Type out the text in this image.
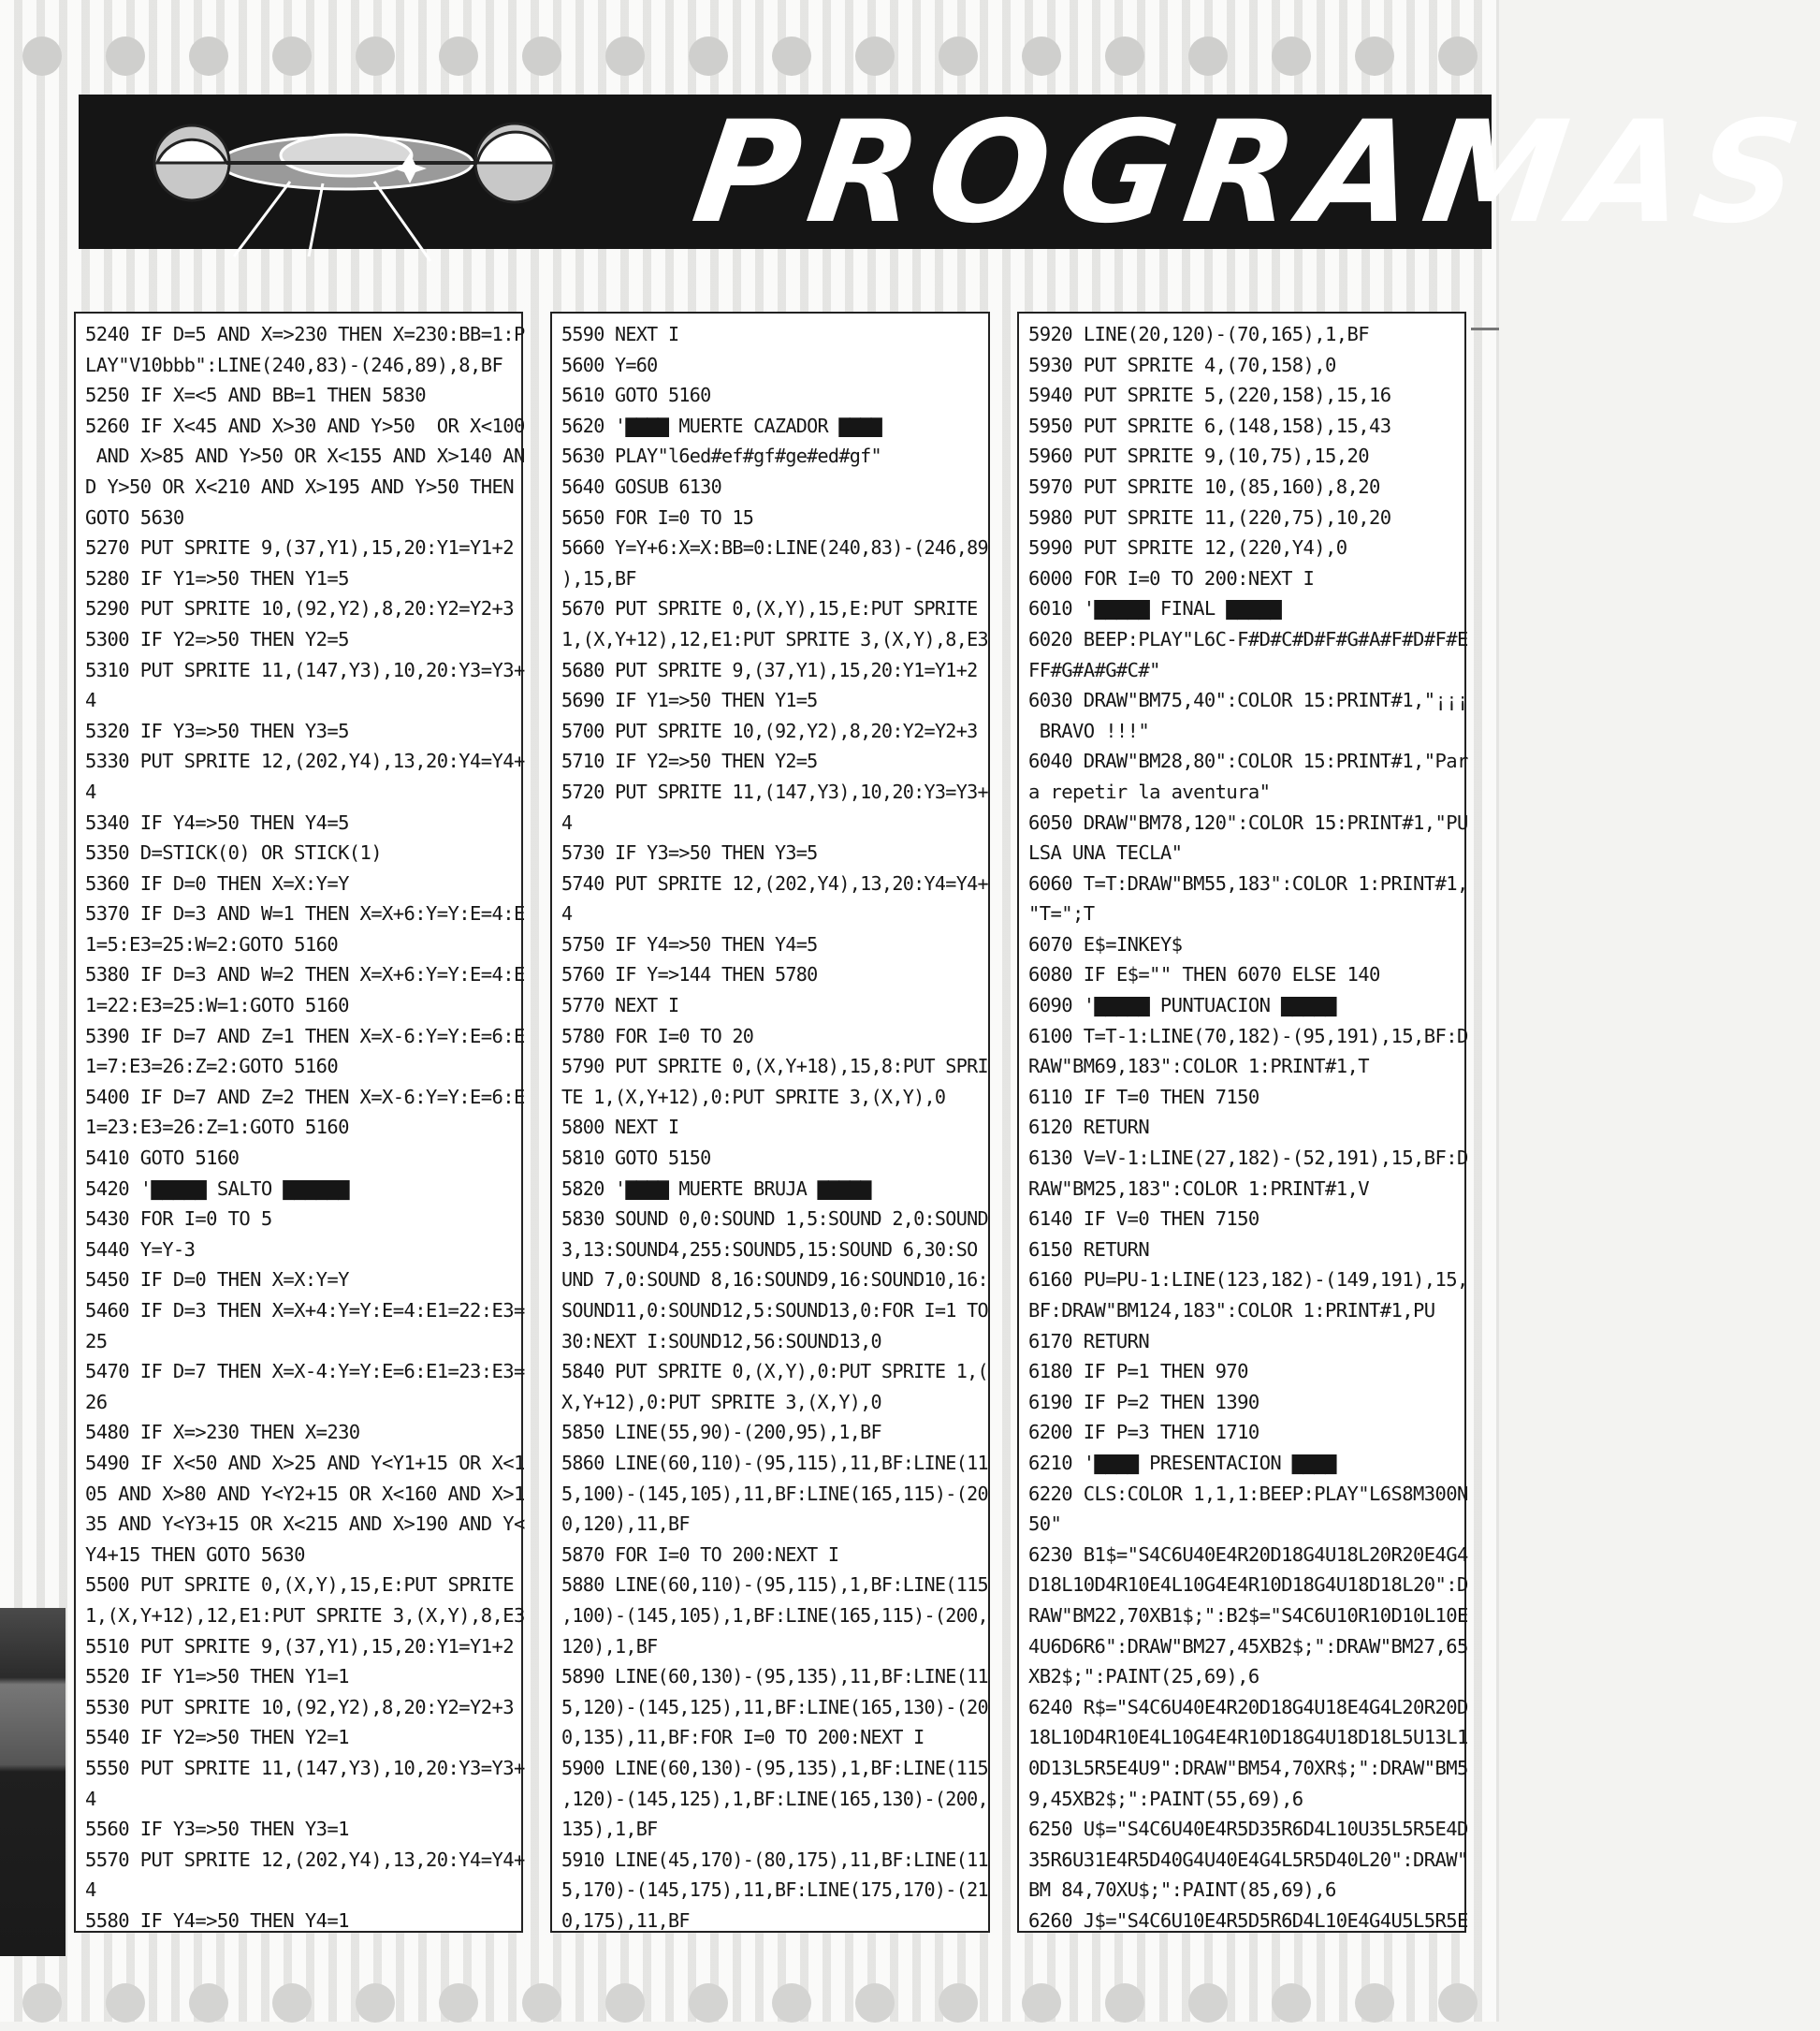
PROGRAMAS
5240 IF D=5 AND X=>230 THEN X=230:BB=1:P
LAY"V10bbb":LINE(240,83)-(246,89),8,BF
5250 IF X=<5 AND BB=1 THEN 5830
5260 IF X<45 AND X>30 AND Y>50  OR X<100
AND X>85 AND Y>50 OR X<155 AND X>140 AN
D Y>50 OR X<210 AND X>195 AND Y>50 THEN
GOTO 5630
5270 PUT SPRITE 9,(37,Y1),15,20:Y1=Y1+2
5280 IF Y1=>50 THEN Y1=5
5290 PUT SPRITE 10,(92,Y2),8,20:Y2=Y2+3
5300 IF Y2=>50 THEN Y2=5
5310 PUT SPRITE 11,(147,Y3),10,20:Y3=Y3+
4
5320 IF Y3=>50 THEN Y3=5
5330 PUT SPRITE 12,(202,Y4),13,20:Y4=Y4+
4
5340 IF Y4=>50 THEN Y4=5
5350 D=STICK(0) OR STICK(1)
5360 IF D=0 THEN X=X:Y=Y
5370 IF D=3 AND W=1 THEN X=X+6:Y=Y:E=4:E
1=5:E3=25:W=2:GOTO 5160
5380 IF D=3 AND W=2 THEN X=X+6:Y=Y:E=4:E
1=22:E3=25:W=1:GOTO 5160
5390 IF D=7 AND Z=1 THEN X=X-6:Y=Y:E=6:E
1=7:E3=26:Z=2:GOTO 5160
5400 IF D=7 AND Z=2 THEN X=X-6:Y=Y:E=6:E
1=23:E3=26:Z=1:GOTO 5160
5410 GOTO 5160
5420 '▇▇▇▇▇ SALTO ▇▇▇▇▇▇
5430 FOR I=0 TO 5
5440 Y=Y-3
5450 IF D=0 THEN X=X:Y=Y
5460 IF D=3 THEN X=X+4:Y=Y:E=4:E1=22:E3=
25
5470 IF D=7 THEN X=X-4:Y=Y:E=6:E1=23:E3=
26
5480 IF X=>230 THEN X=230
5490 IF X<50 AND X>25 AND Y<Y1+15 OR X<1
05 AND X>80 AND Y<Y2+15 OR X<160 AND X>1
35 AND Y<Y3+15 OR X<215 AND X>190 AND Y<
Y4+15 THEN GOTO 5630
5500 PUT SPRITE 0,(X,Y),15,E:PUT SPRITE
1,(X,Y+12),12,E1:PUT SPRITE 3,(X,Y),8,E3
5510 PUT SPRITE 9,(37,Y1),15,20:Y1=Y1+2
5520 IF Y1=>50 THEN Y1=1
5530 PUT SPRITE 10,(92,Y2),8,20:Y2=Y2+3
5540 IF Y2=>50 THEN Y2=1
5550 PUT SPRITE 11,(147,Y3),10,20:Y3=Y3+
4
5560 IF Y3=>50 THEN Y3=1
5570 PUT SPRITE 12,(202,Y4),13,20:Y4=Y4+
4
5580 IF Y4=>50 THEN Y4=1
5590 NEXT I
5600 Y=60
5610 GOTO 5160
5620 '▇▇▇▇ MUERTE CAZADOR ▇▇▇▇
5630 PLAY"l6ed#ef#gf#ge#ed#gf"
5640 GOSUB 6130
5650 FOR I=0 TO 15
5660 Y=Y+6:X=X:BB=0:LINE(240,83)-(246,89
),15,BF
5670 PUT SPRITE 0,(X,Y),15,E:PUT SPRITE
1,(X,Y+12),12,E1:PUT SPRITE 3,(X,Y),8,E3
5680 PUT SPRITE 9,(37,Y1),15,20:Y1=Y1+2
5690 IF Y1=>50 THEN Y1=5
5700 PUT SPRITE 10,(92,Y2),8,20:Y2=Y2+3
5710 IF Y2=>50 THEN Y2=5
5720 PUT SPRITE 11,(147,Y3),10,20:Y3=Y3+
4
5730 IF Y3=>50 THEN Y3=5
5740 PUT SPRITE 12,(202,Y4),13,20:Y4=Y4+
4
5750 IF Y4=>50 THEN Y4=5
5760 IF Y=>144 THEN 5780
5770 NEXT I
5780 FOR I=0 TO 20
5790 PUT SPRITE 0,(X,Y+18),15,8:PUT SPRI
TE 1,(X,Y+12),0:PUT SPRITE 3,(X,Y),0
5800 NEXT I
5810 GOTO 5150
5820 '▇▇▇▇ MUERTE BRUJA ▇▇▇▇▇
5830 SOUND 0,0:SOUND 1,5:SOUND 2,0:SOUND
3,13:SOUND4,255:SOUND5,15:SOUND 6,30:SO
UND 7,0:SOUND 8,16:SOUND9,16:SOUND10,16:
SOUND11,0:SOUND12,5:SOUND13,0:FOR I=1 TO
30:NEXT I:SOUND12,56:SOUND13,0
5840 PUT SPRITE 0,(X,Y),0:PUT SPRITE 1,(
X,Y+12),0:PUT SPRITE 3,(X,Y),0
5850 LINE(55,90)-(200,95),1,BF
5860 LINE(60,110)-(95,115),11,BF:LINE(11
5,100)-(145,105),11,BF:LINE(165,115)-(20
0,120),11,BF
5870 FOR I=0 TO 200:NEXT I
5880 LINE(60,110)-(95,115),1,BF:LINE(115
,100)-(145,105),1,BF:LINE(165,115)-(200,
120),1,BF
5890 LINE(60,130)-(95,135),11,BF:LINE(11
5,120)-(145,125),11,BF:LINE(165,130)-(20
0,135),11,BF:FOR I=0 TO 200:NEXT I
5900 LINE(60,130)-(95,135),1,BF:LINE(115
,120)-(145,125),1,BF:LINE(165,130)-(200,
135),1,BF
5910 LINE(45,170)-(80,175),11,BF:LINE(11
5,170)-(145,175),11,BF:LINE(175,170)-(21
0,175),11,BF
5920 LINE(20,120)-(70,165),1,BF
5930 PUT SPRITE 4,(70,158),0
5940 PUT SPRITE 5,(220,158),15,16
5950 PUT SPRITE 6,(148,158),15,43
5960 PUT SPRITE 9,(10,75),15,20
5970 PUT SPRITE 10,(85,160),8,20
5980 PUT SPRITE 11,(220,75),10,20
5990 PUT SPRITE 12,(220,Y4),0
6000 FOR I=0 TO 200:NEXT I
6010 '▇▇▇▇▇ FINAL ▇▇▇▇▇
6020 BEEP:PLAY"L6C-F#D#C#D#F#G#A#F#D#F#E
FF#G#A#G#C#"
6030 DRAW"BM75,40":COLOR 15:PRINT#1,"¡¡¡
BRAVO !!!"
6040 DRAW"BM28,80":COLOR 15:PRINT#1,"Par
a repetir la aventura"
6050 DRAW"BM78,120":COLOR 15:PRINT#1,"PU
LSA UNA TECLA"
6060 T=T:DRAW"BM55,183":COLOR 1:PRINT#1,
"T=";T
6070 E$=INKEY$
6080 IF E$="" THEN 6070 ELSE 140
6090 '▇▇▇▇▇ PUNTUACION ▇▇▇▇▇
6100 T=T-1:LINE(70,182)-(95,191),15,BF:D
RAW"BM69,183":COLOR 1:PRINT#1,T
6110 IF T=0 THEN 7150
6120 RETURN
6130 V=V-1:LINE(27,182)-(52,191),15,BF:D
RAW"BM25,183":COLOR 1:PRINT#1,V
6140 IF V=0 THEN 7150
6150 RETURN
6160 PU=PU-1:LINE(123,182)-(149,191),15,
BF:DRAW"BM124,183":COLOR 1:PRINT#1,PU
6170 RETURN
6180 IF P=1 THEN 970
6190 IF P=2 THEN 1390
6200 IF P=3 THEN 1710
6210 '▇▇▇▇ PRESENTACION ▇▇▇▇
6220 CLS:COLOR 1,1,1:BEEP:PLAY"L6S8M300N
50"
6230 B1$="S4C6U40E4R20D18G4U18L20R20E4G4
D18L10D4R10E4L10G4E4R10D18G4U18D18L20":D
RAW"BM22,70XB1$;":B2$="S4C6U10R10D10L10E
4U6D6R6":DRAW"BM27,45XB2$;":DRAW"BM27,65
XB2$;":PAINT(25,69),6
6240 R$="S4C6U40E4R20D18G4U18E4G4L20R20D
18L10D4R10E4L10G4E4R10D18G4U18D18L5U13L1
0D13L5R5E4U9":DRAW"BM54,70XR$;":DRAW"BM5
9,45XB2$;":PAINT(55,69),6
6250 U$="S4C6U40E4R5D35R6D4L10U35L5R5E4D
35R6U31E4R5D40G4U40E4G4L5R5D40L20":DRAW"
BM 84,70XU$;":PAINT(85,69),6
6260 J$="S4C6U10E4R5D5R6D4L10E4G4U5L5R5E
